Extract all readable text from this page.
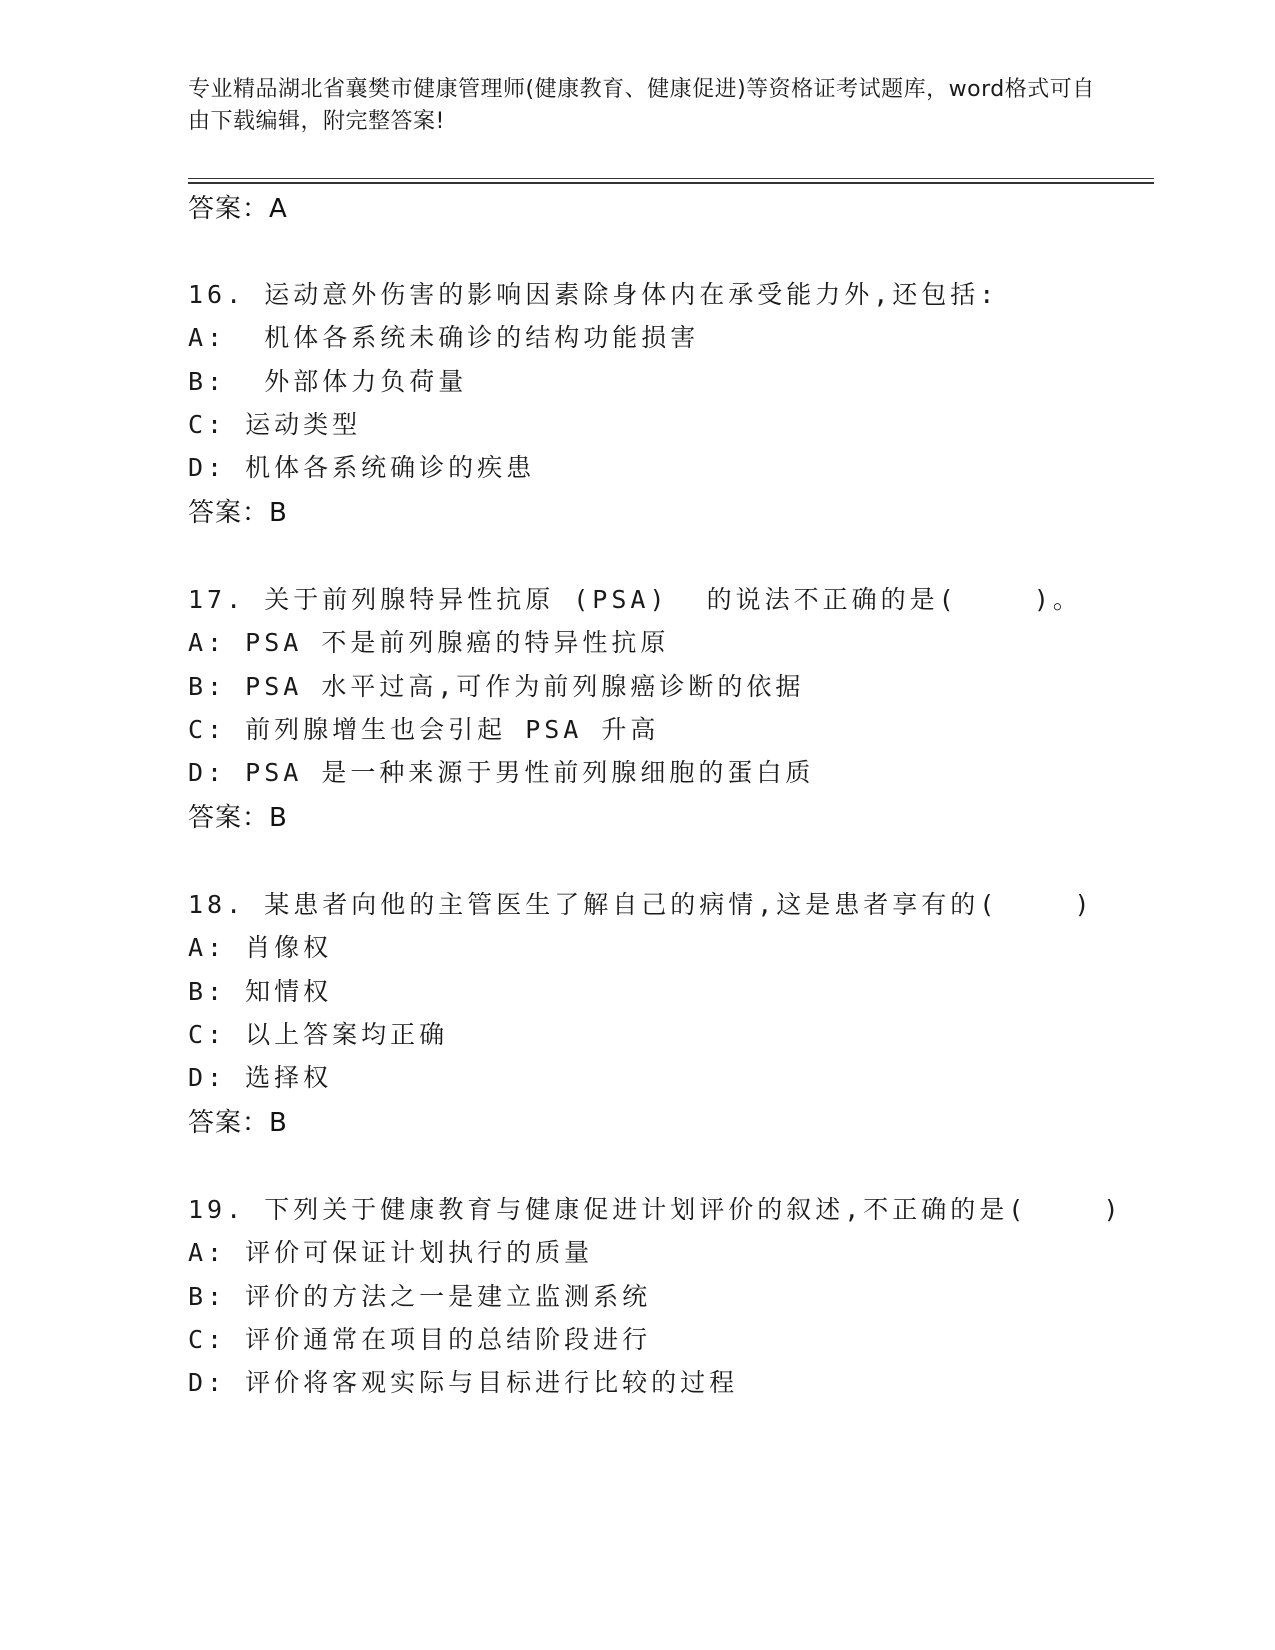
专业精品湖北省襄樊市健康管理师(健康教育、健康促进)等资格证考试题库，word格式可自由下载编辑，附完整答案!
答案：A
16. 运动意外伤害的影响因素除身体内在承受能力外,还包括:
A:  机体各系统未确诊的结构功能损害
B:  外部体力负荷量
C: 运动类型
D: 机体各系统确诊的疾患
答案：B
17. 关于前列腺特异性抗原 (PSA)  的说法不正确的是(    )。
A: PSA 不是前列腺癌的特异性抗原
B: PSA 水平过高,可作为前列腺癌诊断的依据
C: 前列腺增生也会引起 PSA 升高
D: PSA 是一种来源于男性前列腺细胞的蛋白质
答案：B
18. 某患者向他的主管医生了解自己的病情,这是患者享有的(    )
A: 肖像权
B: 知情权
C: 以上答案均正确
D: 选择权
答案：B
19. 下列关于健康教育与健康促进计划评价的叙述,不正确的是(    )
A: 评价可保证计划执行的质量
B: 评价的方法之一是建立监测系统
C: 评价通常在项目的总结阶段进行
D: 评价将客观实际与目标进行比较的过程
